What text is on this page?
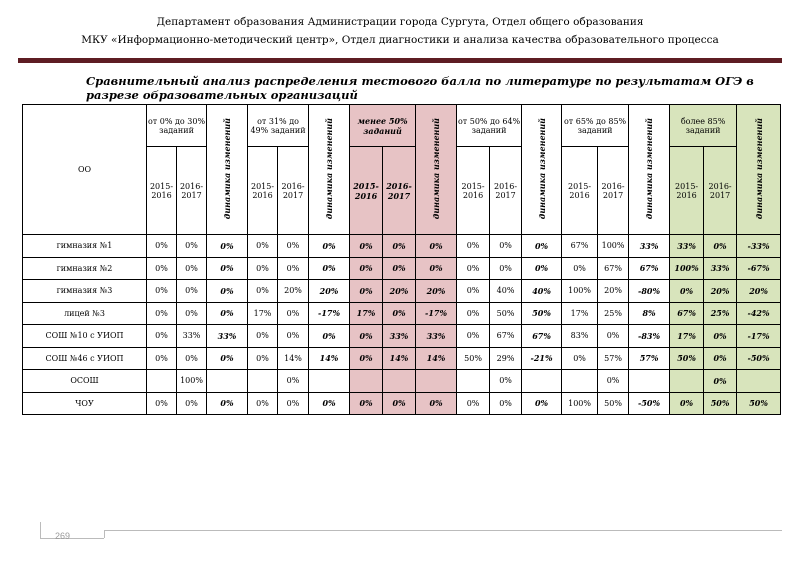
Департамент образования Администрации города Сургута, Отдел общего образования
МКУ «Информационно-методический центр», Отдел диагностики и анализа качества образовательного процесса
Сравнительный анализ распределения тестового балла по литературе по результатам ОГЭ в разрезе образовательных организаций
ОО	от 0% до 30% заданий		динамика изменений	от 31% до 49% заданий		динамика изменений	менее 50% заданий		динамика изменений	от 50% до 64% заданий		динамика изменений	от 65% до 85% заданий		динамика изменений	более 85% заданий		динамика изменений
	2015-2016	2016-2017		2015-2016	2016-2017		2015-2016	2016-2017		2015-2016	2016-2017		2015-2016	2016-2017		2015-2016	2016-2017	
гимназия №1	0%	0%	0%	0%	0%	0%	0%	0%	0%	0%	0%	0%	67%	100%	33%	33%	0%	-33%
гимназия №2	0%	0%	0%	0%	0%	0%	0%	0%	0%	0%	0%	0%	0%	67%	67%	100%	33%	-67%
гимназия №3	0%	0%	0%	0%	20%	20%	0%	20%	20%	0%	40%	40%	100%	20%	-80%	0%	20%	20%
лицей №3	0%	0%	0%	17%	0%	-17%	17%	0%	-17%	0%	50%	50%	17%	25%	8%	67%	25%	-42%
СОШ №10 с УИОП	0%	33%	33%	0%	0%	0%	0%	33%	33%	0%	67%	67%	83%	0%	-83%	17%	0%	-17%
СОШ №46 с УИОП	0%	0%	0%	0%	14%	14%	0%	14%	14%	50%	29%	-21%	0%	57%	57%	50%	0%	-50%
ОСОШ		100%			0%						0%			0%			0%	
ЧОУ	0%	0%	0%	0%	0%	0%	0%	0%	0%	0%	0%	0%	100%	50%	-50%	0%	50%	50%
269
